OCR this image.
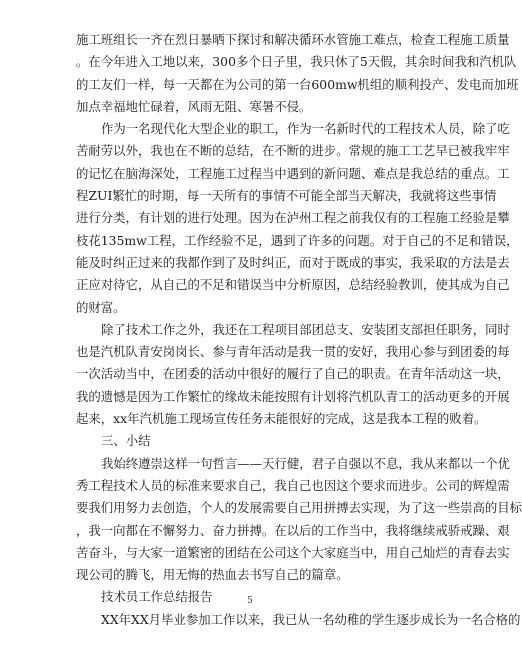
施工班组长一齐在烈日暴晒下探讨和解决循环水管施工难点，检查工程施工质量
。在今年进入工地以来，300多个日子里，我只休了5天假，其余时间我和汽机队
的工友们一样，每一天都在为公司的第一台600mw机组的顺利投产、发电而加班
加点幸福地忙碌着，风雨无阻、寒暑不侵。
作为一名现代化大型企业的职工，作为一名新时代的工程技术人员，除了吃
苦耐劳以外，我也在不断的总结，在不断的进步。常规的施工工艺早已被我牢牢
的记忆在脑海深处，工程施工过程当中遇到的新问题、难点是我总结的重点。工
程ZUI繁忙的时期，每一天所有的事情不可能全部当天解决，我就将这些事情
进行分类，有计划的进行处理。因为在泸州工程之前我仅有的工程施工经验是攀
枝花135mw工程，工作经验不足，遇到了许多的问题。对于自己的不足和错误，
能及时纠正过来的我都作到了及时纠正，而对于既成的事实，我采取的方法是去
正应对待它，从自己的不足和错误当中分析原因，总结经验教训，使其成为自己
的财富。
除了技术工作之外，我还在工程项目部团总支、安装团支部担任职务，同时
也是汽机队青安岗岗长、参与青年活动是我一贯的安好，我用心参与到团委的每
一次活动当中，在团委的活动中很好的履行了自己的职责。在青年活动这一块，
我的遗憾是因为工作繁忙的缘故未能按照有计划将汽机队青工的活动更多的开展
起来，xx年汽机施工现场宣传任务未能很好的完成，这是我本工程的败着。
三、小结
我始终遵崇这样一句哲言——天行健，君子自强以不息，我从来都以一个优
秀工程技术人员的标准来要求自己，我自己也因这个要求而进步。公司的辉煌需
要我们用努力去创造，个人的发展需要自己用拼搏去实现，为了这一些崇高的目标
，我一向都在不懈努力、奋力拼搏。在以后的工作当中，我将继续戒骄戒躁、艰
苦奋斗，与大家一道繁密的团结在公司这个大家庭当中，用自己灿烂的青春去实
现公司的腾飞，用无悔的热血去书写自己的篇章。
技术员工作总结报告
XX年XX月毕业参加工作以来，我已从一名幼稚的学生逐步成长为一名合格的
5
